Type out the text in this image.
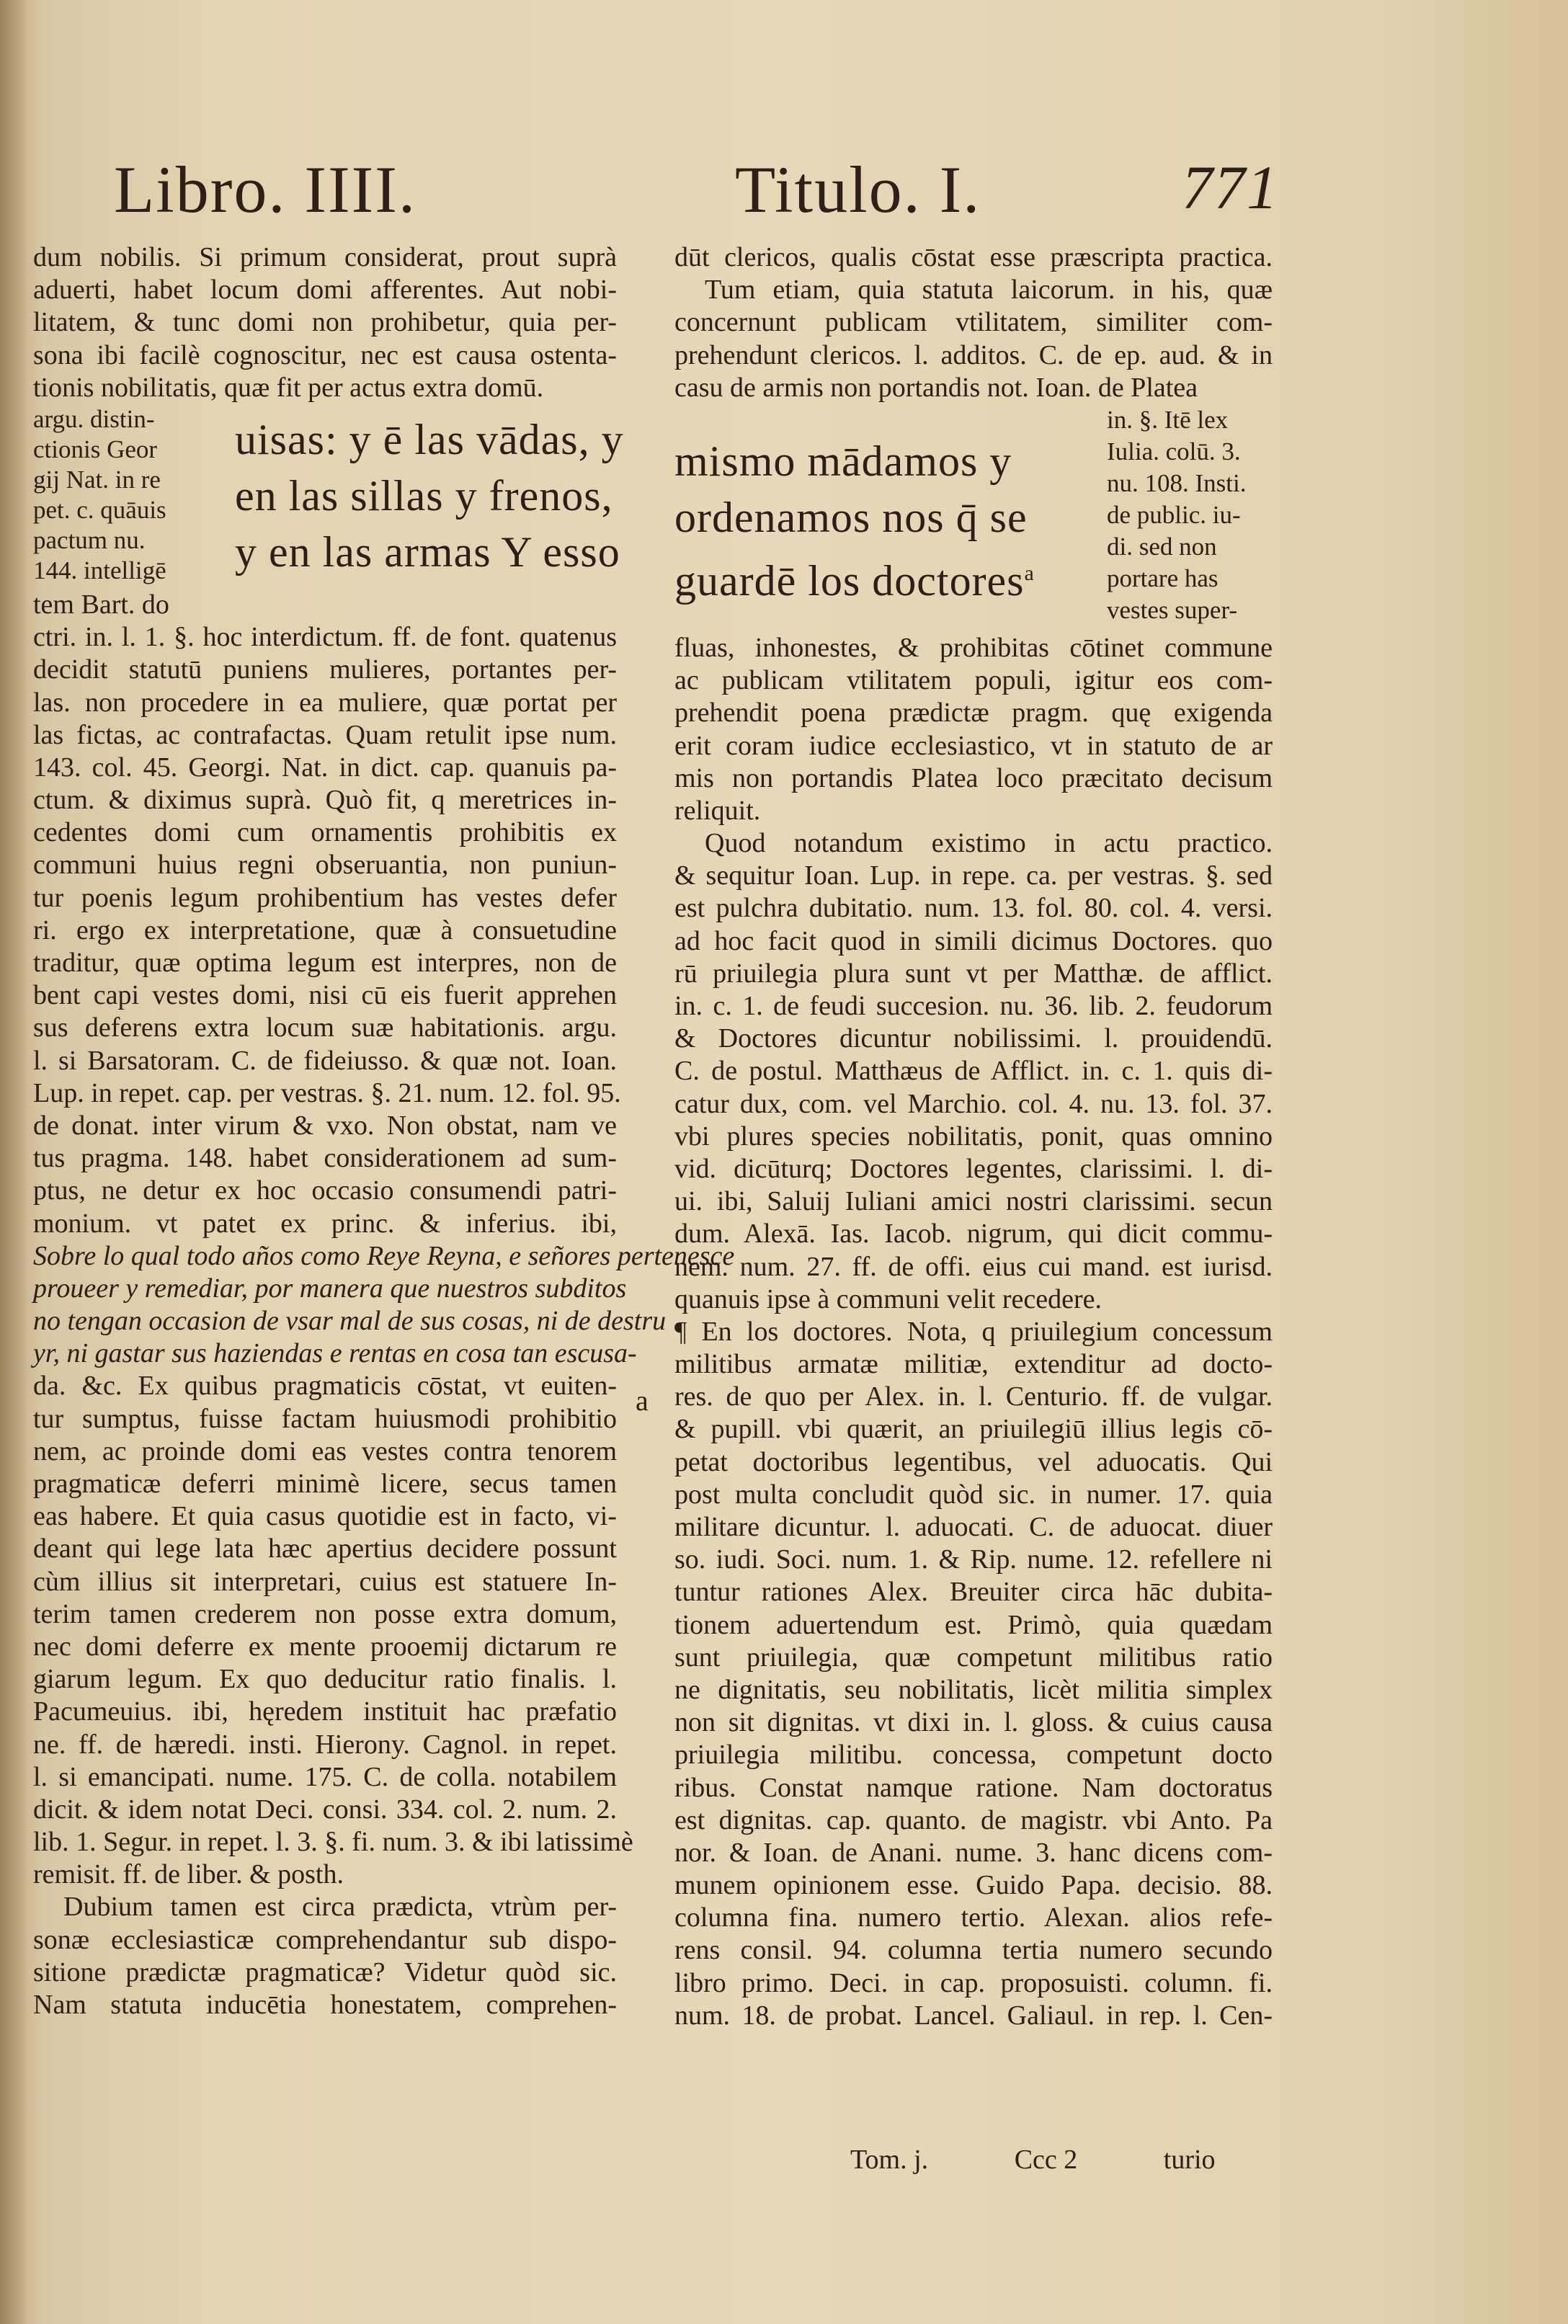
Libro. IIII.	Titulo. I.	771
dum nobilis. Si primum considerat, prout suprà
aduerti, habet locum domi afferentes. Aut nobi-
litatem, & tunc domi non prohibetur, quia per-
sona ibi facilè cognoscitur, nec est causa ostenta-
tionis nobilitatis, quæ fit per actus extra domū.
argu. distin-
ctionis Geor
gij Nat. in re
pet. c. quāuis
pactum nu.
144. intelligē
uisas: y ē las vādas, y
en las sillas y frenos,
y en las armas Y esso
tem Bart. do
ctri. in. l. 1. §. hoc interdictum. ff. de font. quatenus
decidit statutū puniens mulieres, portantes per-
las. non procedere in ea muliere, quæ portat per
las fictas, ac contrafactas. Quam retulit ipse num.
143. col. 45. Georgi. Nat. in dict. cap. quanuis pa-
ctum. & diximus suprà. Quò fit, q meretrices in-
cedentes domi cum ornamentis prohibitis ex
communi huius regni obseruantia, non puniun-
tur poenis legum prohibentium has vestes defer
ri. ergo ex interpretatione, quæ à consuetudine
traditur, quæ optima legum est interpres, non de
bent capi vestes domi, nisi cū eis fuerit apprehen
sus deferens extra locum suæ habitationis. argu.
l. si Barsatoram. C. de fideiusso. & quæ not. Ioan.
Lup. in repet. cap. per vestras. §. 21. num. 12. fol. 95.
de donat. inter virum & vxo. Non obstat, nam ve
tus pragma. 148. habet considerationem ad sum-
ptus, ne detur ex hoc occasio consumendi patri-
monium. vt patet ex princ. & inferius. ibi,
Sobre lo qual todo años como Reye Reyna, e señores pertenesce
proueer y remediar, por manera que nuestros subditos
no tengan occasion de vsar mal de sus cosas, ni de destru
yr, ni gastar sus haziendas e rentas en cosa tan escusa-
da. &c. Ex quibus pragmaticis cōstat, vt euiten-
tur sumptus, fuisse factam huiusmodi prohibitio
nem, ac proinde domi eas vestes contra tenorem
pragmaticæ deferri minimè licere, secus tamen
eas habere. Et quia casus quotidie est in facto, vi-
deant qui lege lata hæc apertius decidere possunt
cùm illius sit interpretari, cuius est statuere In-
terim tamen crederem non posse extra domum,
nec domi deferre ex mente prooemij dictarum re
giarum legum. Ex quo deducitur ratio finalis. l.
Pacumeuius. ibi, hęredem instituit hac præfatio
ne. ff. de hæredi. insti. Hierony. Cagnol. in repet.
l. si emancipati. nume. 175. C. de colla. notabilem
dicit. & idem notat Deci. consi. 334. col. 2. num. 2.
lib. 1. Segur. in repet. l. 3. §. fi. num. 3. & ibi latissimè
remisit. ff. de liber. & posth.
Dubium tamen est circa prædicta, vtrùm per-
sonæ ecclesiasticæ comprehendantur sub dispo-
sitione prædictæ pragmaticæ? Videtur quòd sic.
Nam statuta inducētia honestatem, comprehen-
dūt clericos, qualis cōstat esse præscripta practica.
Tum etiam, quia statuta laicorum. in his, quæ
concernunt publicam vtilitatem, similiter com-
prehendunt clericos. l. additos. C. de ep. aud. & in
casu de armis non portandis not. Ioan. de Platea
mismo mādamos y
ordenamos nos q̄ se
guardē los doctores$^a$
in. §. Itē lex
Iulia. colū. 3.
nu. 108. Insti.
de public. iu-
di. sed non
portare has
vestes super-
fluas, inhonestes, & prohibitas cōtinet commune
ac publicam vtilitatem populi, igitur eos com-
prehendit poena prædictæ pragm. quę exigenda
erit coram iudice ecclesiastico, vt in statuto de ar
mis non portandis Platea loco præcitato decisum
reliquit.
Quod notandum existimo in actu practico.
& sequitur Ioan. Lup. in repe. ca. per vestras. §. sed
est pulchra dubitatio. num. 13. fol. 80. col. 4. versi.
ad hoc facit quod in simili dicimus Doctores. quo
rū priuilegia plura sunt vt per Matthæ. de afflict.
in. c. 1. de feudi succesion. nu. 36. lib. 2. feudorum
& Doctores dicuntur nobilissimi. l. prouidendū.
C. de postul. Matthæus de Afflict. in. c. 1. quis di-
catur dux, com. vel Marchio. col. 4. nu. 13. fol. 37.
vbi plures species nobilitatis, ponit, quas omnino
vid. dicūturq; Doctores legentes, clarissimi. l. di-
ui. ibi, Saluij Iuliani amici nostri clarissimi. secun
dum. Alexā. Ias. Iacob. nigrum, qui dicit commu-
nem. num. 27. ff. de offi. eius cui mand. est iurisd.
quanuis ipse à communi velit recedere.
¶ En los doctores. Nota, q priuilegium concessum
militibus armatæ militiæ, extenditur ad docto-
res. de quo per Alex. in. l. Centurio. ff. de vulgar.
& pupill. vbi quærit, an priuilegiū illius legis cō-
petat doctoribus legentibus, vel aduocatis. Qui
post multa concludit quòd sic. in numer. 17. quia
militare dicuntur. l. aduocati. C. de aduocat. diuer
so. iudi. Soci. num. 1. & Rip. nume. 12. refellere ni
tuntur rationes Alex. Breuiter circa hāc dubita-
tionem aduertendum est. Primò, quia quædam
sunt priuilegia, quæ competunt militibus ratio
ne dignitatis, seu nobilitatis, licèt militia simplex
non sit dignitas. vt dixi in. l. gloss. & cuius causa
priuilegia militibu. concessa, competunt docto
ribus. Constat namque ratione. Nam doctoratus
est dignitas. cap. quanto. de magistr. vbi Anto. Pa
nor. & Ioan. de Anani. nume. 3. hanc dicens com-
munem opinionem esse. Guido Papa. decisio. 88.
columna fina. numero tertio. Alexan. alios refe-
rens consil. 94. columna tertia numero secundo
libro primo. Deci. in cap. proposuisti. column. fi.
num. 18. de probat. Lancel. Galiaul. in rep. l. Cen-
a
Tom. j.	Ccc 2	turio
